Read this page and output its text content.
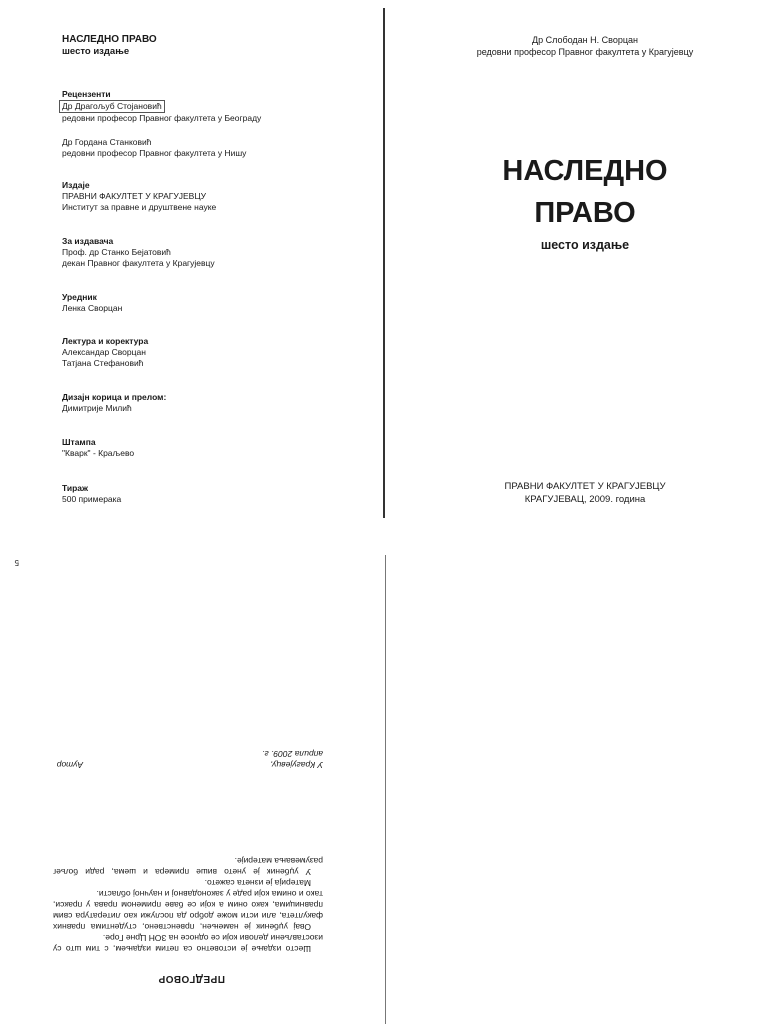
НАСЛЕДНО ПРАВО
шесто издање
Рецензенти
Др Драгољуб Стојановић
редовни професор Правног факултета у Београду
Др Гордана Станковић
редовни професор Правног факултета у Нишу
Издаје
ПРАВНИ ФАКУЛТЕТ У КРАГУЈЕВЦУ
Институт за правне и друштвене науке
За издавача
Проф. др Станко Бејатовић
декан Правног факултета у Крагујевцу
Уредник
Ленка Сворцан
Лектура и коректура
Александар Сворцан
Татјана Стефановић
Дизајн корица и прелом:
Димитрије Милић
Штампа
"Кварк" - Краљево
Тираж
500 примерака
Др Слободан Н. Сворцан
редовни професор Правног факултета у Крагујевцу
НАСЛЕДНО
ПРАВО
шесто издање
ПРАВНИ ФАКУЛТЕТ У КРАГУЈЕВЦУ
КРАГУЈЕВАЦ, 2009. година
ПРЕДГОВОР

Шесто издање је истоветно са петим издањем, с тим што су изостављени делови који се односе на ЗОН Црне Горе.

Овај уџбеник је намењен, првенствено, студентима правних факултета, али исти може добро да послужи као литература свим правницима, како оним а који се баве применом права у пракси, тако и онима који раде у законодавној и научној области.

Материја је изнета сажето.

У уџбеник је унето више примера и шема, ради бољег разумевања материје.

У Крагујевцу,
априла 2009. г.
Аутор
5
